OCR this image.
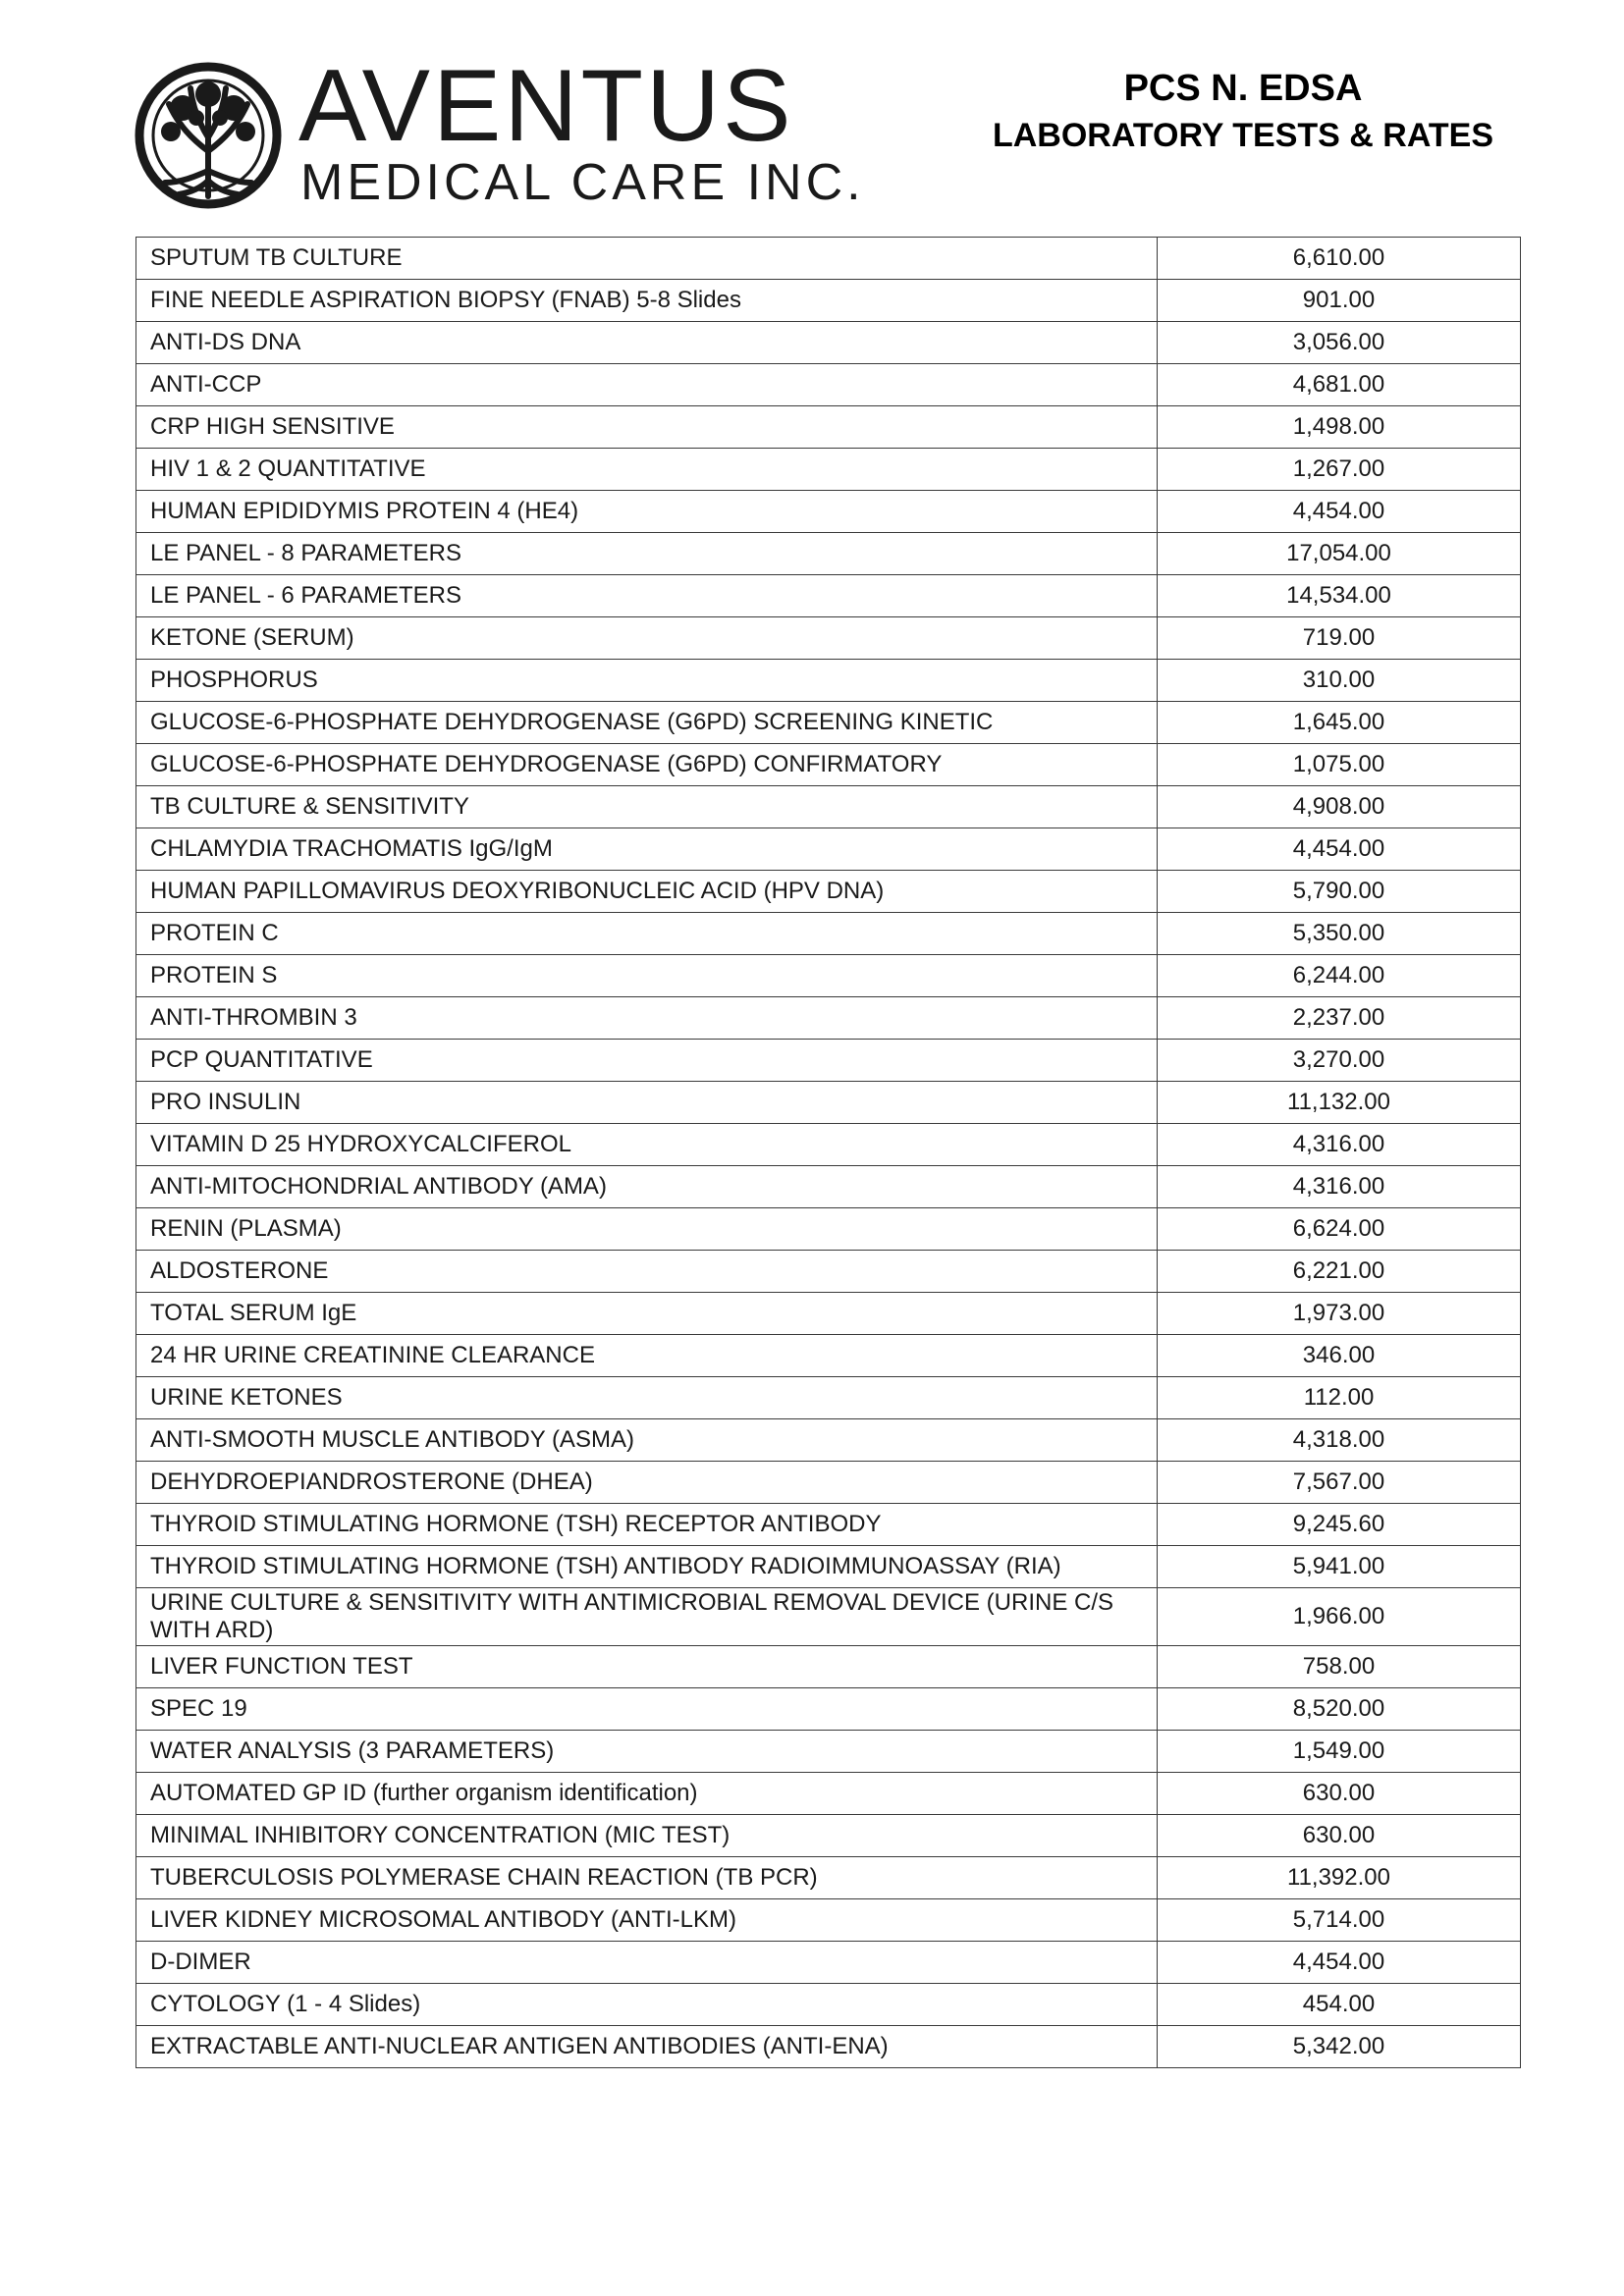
AVENTUS
MEDICAL CARE INC.
PCS N. EDSA
LABORATORY TESTS & RATES
SPUTUM TB CULTURE	6,610.00
FINE NEEDLE ASPIRATION BIOPSY (FNAB) 5-8 Slides	901.00
ANTI-DS DNA	3,056.00
ANTI-CCP	4,681.00
CRP HIGH SENSITIVE	1,498.00
HIV 1 & 2 QUANTITATIVE	1,267.00
HUMAN EPIDIDYMIS PROTEIN 4 (HE4)	4,454.00
LE PANEL - 8 PARAMETERS	17,054.00
LE PANEL - 6 PARAMETERS	14,534.00
KETONE (SERUM)	719.00
PHOSPHORUS	310.00
GLUCOSE-6-PHOSPHATE DEHYDROGENASE (G6PD) SCREENING KINETIC	1,645.00
GLUCOSE-6-PHOSPHATE DEHYDROGENASE (G6PD) CONFIRMATORY	1,075.00
TB CULTURE & SENSITIVITY	4,908.00
CHLAMYDIA TRACHOMATIS IgG/IgM	4,454.00
HUMAN PAPILLOMAVIRUS DEOXYRIBONUCLEIC ACID (HPV DNA)	5,790.00
PROTEIN C	5,350.00
PROTEIN S	6,244.00
ANTI-THROMBIN 3	2,237.00
PCP QUANTITATIVE	3,270.00
PRO INSULIN	11,132.00
VITAMIN D 25 HYDROXYCALCIFEROL	4,316.00
ANTI-MITOCHONDRIAL ANTIBODY (AMA)	4,316.00
RENIN (PLASMA)	6,624.00
ALDOSTERONE	6,221.00
TOTAL SERUM IgE	1,973.00
24 HR URINE CREATININE CLEARANCE	346.00
URINE KETONES	112.00
ANTI-SMOOTH MUSCLE ANTIBODY (ASMA)	4,318.00
DEHYDROEPIANDROSTERONE (DHEA)	7,567.00
THYROID STIMULATING HORMONE (TSH) RECEPTOR ANTIBODY	9,245.60
THYROID STIMULATING HORMONE (TSH) ANTIBODY RADIOIMMUNOASSAY (RIA)	5,941.00
URINE CULTURE & SENSITIVITY WITH ANTIMICROBIAL REMOVAL DEVICE (URINE C/S WITH ARD)	1,966.00
LIVER FUNCTION TEST	758.00
SPEC 19	8,520.00
WATER ANALYSIS (3 PARAMETERS)	1,549.00
AUTOMATED GP ID (further organism identification)	630.00
MINIMAL INHIBITORY CONCENTRATION (MIC TEST)	630.00
TUBERCULOSIS POLYMERASE CHAIN REACTION (TB PCR)	11,392.00
LIVER KIDNEY MICROSOMAL ANTIBODY (ANTI-LKM)	5,714.00
D-DIMER	4,454.00
CYTOLOGY (1 - 4 Slides)	454.00
EXTRACTABLE ANTI-NUCLEAR ANTIGEN ANTIBODIES (ANTI-ENA)	5,342.00
